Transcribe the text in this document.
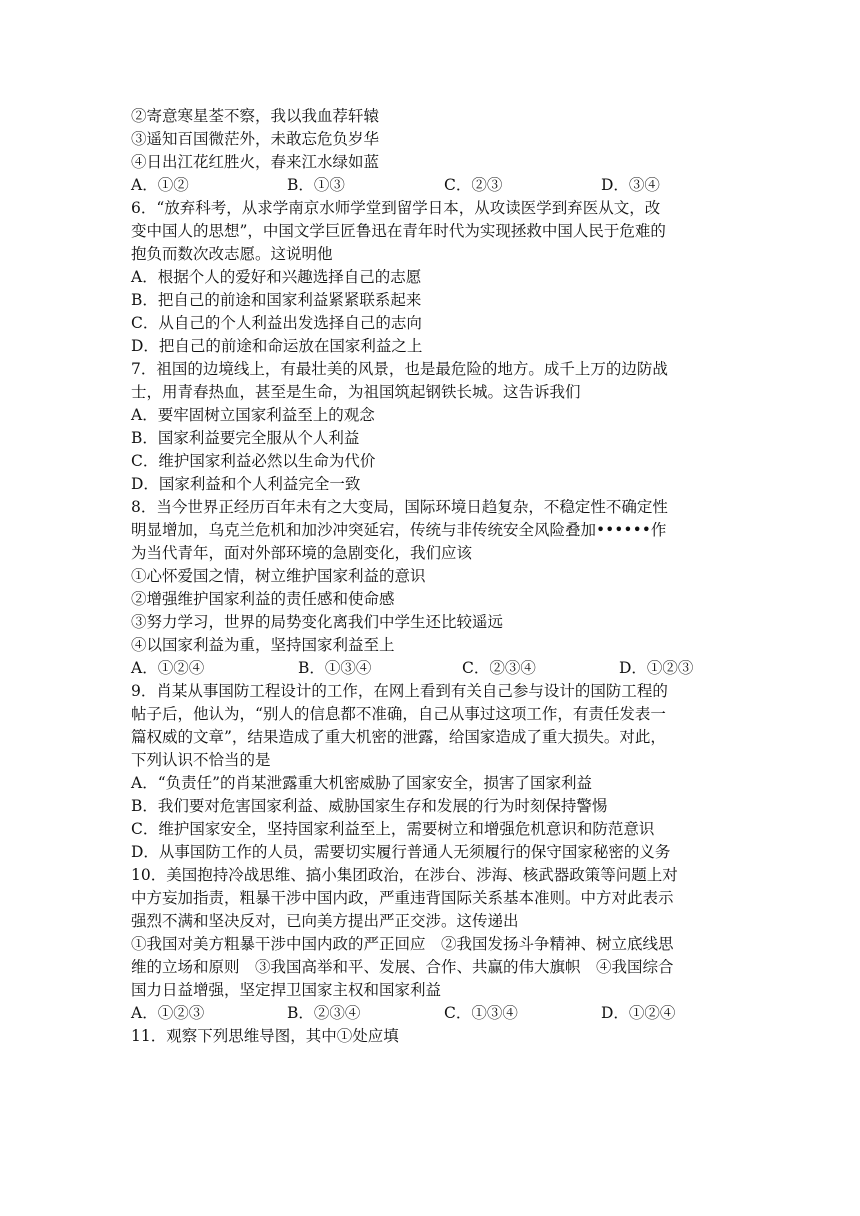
②寄意寒星荃不察，我以我血荐轩辕
③遥知百国微茫外，未敢忘危负岁华
④日出江花红胜火，春来江水绿如蓝
A．①②	B．①③	C．②③	D．③④
6．“放弃科考，从求学南京水师学堂到留学日本，从攻读医学到弃医从文，改
变中国人的思想”，中国文学巨匠鲁迅在青年时代为实现拯救中国人民于危难的
抱负而数次改志愿。这说明他
A．根据个人的爱好和兴趣选择自己的志愿
B．把自己的前途和国家利益紧紧联系起来
C．从自己的个人利益出发选择自己的志向
D．把自己的前途和命运放在国家利益之上
7．祖国的边境线上，有最壮美的风景，也是最危险的地方。成千上万的边防战
士，用青春热血，甚至是生命，为祖国筑起钢铁长城。这告诉我们
A．要牢固树立国家利益至上的观念
B．国家利益要完全服从个人利益
C．维护国家利益必然以生命为代价
D．国家利益和个人利益完全一致
8．当今世界正经历百年未有之大变局，国际环境日趋复杂，不稳定性不确定性
明显增加，乌克兰危机和加沙冲突延宕，传统与非传统安全风险叠加••••••作
为当代青年，面对外部环境的急剧变化，我们应该
①心怀爱国之情，树立维护国家利益的意识
②增强维护国家利益的责任感和使命感
③努力学习，世界的局势变化离我们中学生还比较遥远
④以国家利益为重，坚持国家利益至上
A．①②④	B．①③④	C．②③④	D．①②③
9．肖某从事国防工程设计的工作，在网上看到有关自己参与设计的国防工程的
帖子后，他认为，“别人的信息都不准确，自己从事过这项工作，有责任发表一
篇权威的文章”，结果造成了重大机密的泄露，给国家造成了重大损失。对此，
下列认识不恰当的是
A．“负责任”的肖某泄露重大机密威胁了国家安全，损害了国家利益
B．我们要对危害国家利益、威胁国家生存和发展的行为时刻保持警惕
C．维护国家安全，坚持国家利益至上，需要树立和增强危机意识和防范意识
D．从事国防工作的人员，需要切实履行普通人无须履行的保守国家秘密的义务
10．美国抱持冷战思维、搞小集团政治，在涉台、涉海、核武器政策等问题上对
中方妄加指责，粗暴干涉中国内政，严重违背国际关系基本准则。中方对此表示
强烈不满和坚决反对，已向美方提出严正交涉。这传递出
①我国对美方粗暴干涉中国内政的严正回应　②我国发扬斗争精神、树立底线思
维的立场和原则　③我国高举和平、发展、合作、共赢的伟大旗帜　④我国综合
国力日益增强，坚定捍卫国家主权和国家利益
A．①②③	B．②③④	C．①③④	D．①②④
11．观察下列思维导图，其中①处应填
